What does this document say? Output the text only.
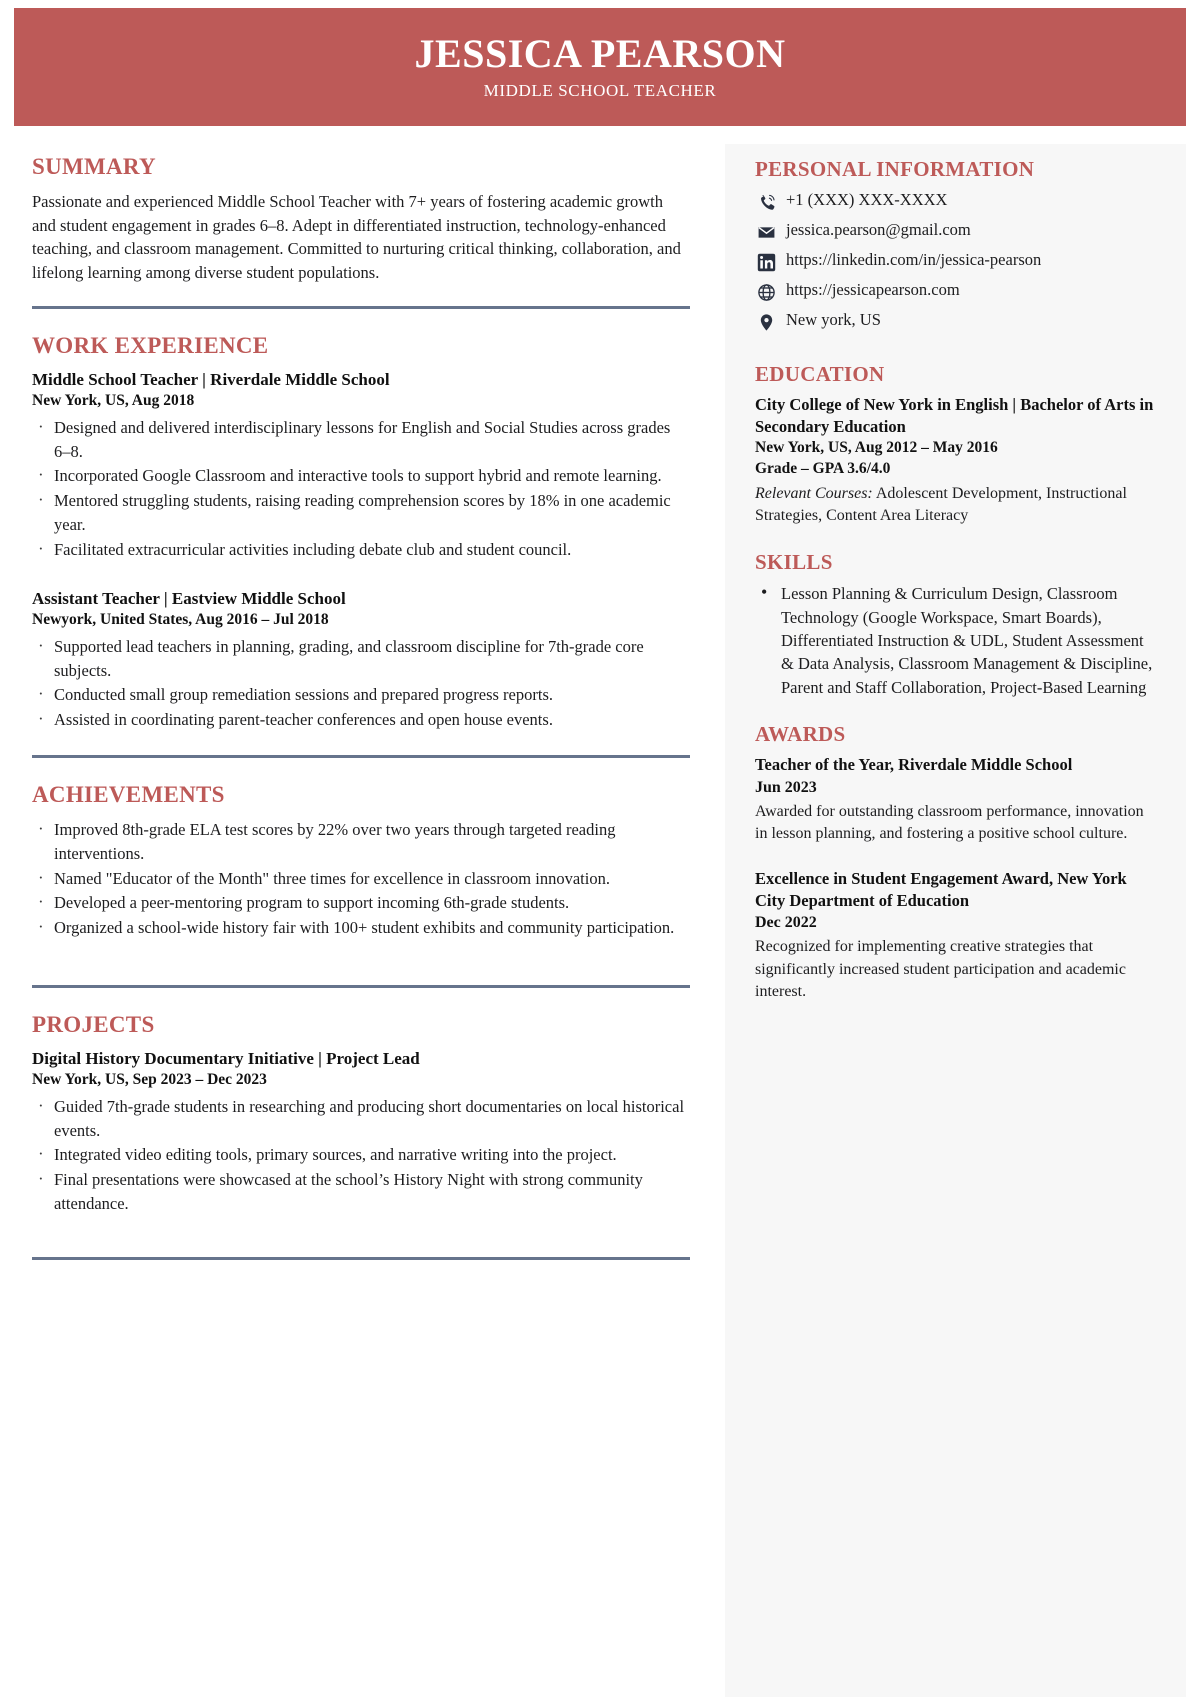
JESSICA PEARSON
MIDDLE SCHOOL TEACHER
SUMMARY

Passionate and experienced Middle School Teacher with 7+ years of fostering academic growth and student engagement in grades 6–8. Adept in differentiated instruction, technology-enhanced teaching, and classroom management. Committed to nurturing critical thinking, collaboration, and lifelong learning among diverse student populations.

WORK EXPERIENCE
Middle School Teacher | Riverdale Middle School
New York, US, Aug 2018
· Designed and delivered interdisciplinary lessons for English and Social Studies across grades 6–8.
· Incorporated Google Classroom and interactive tools to support hybrid and remote learning.
· Mentored struggling students, raising reading comprehension scores by 18% in one academic year.
· Facilitated extracurricular activities including debate club and student council.
Assistant Teacher | Eastview Middle School
Newyork, United States, Aug 2016 – Jul 2018
· Supported lead teachers in planning, grading, and classroom discipline for 7th-grade core subjects.
· Conducted small group remediation sessions and prepared progress reports.
· Assisted in coordinating parent-teacher conferences and open house events.
ACHIEVEMENTS
· Improved 8th-grade ELA test scores by 22% over two years through targeted reading interventions.
· Named "Educator of the Month" three times for excellence in classroom innovation.
· Developed a peer-mentoring program to support incoming 6th-grade students.
· Organized a school-wide history fair with 100+ student exhibits and community participation.
PROJECTS
Digital History Documentary Initiative | Project Lead
New York, US, Sep 2023 – Dec 2023
· Guided 7th-grade students in researching and producing short documentaries on local historical events.
· Integrated video editing tools, primary sources, and narrative writing into the project.
· Final presentations were showcased at the school’s History Night with strong community attendance.
PERSONAL INFORMATION
+1 (XXX) XXX-XXXX
jessica.pearson@gmail.com
https://linkedin.com/in/jessica-pearson
https://jessicapearson.com
New york, US
EDUCATION
City College of New York in English | Bachelor of Arts in Secondary Education
New York, US, Aug 2012 – May 2016
Grade – GPA 3.6/4.0

Relevant Courses: Adolescent Development, Instructional Strategies, Content Area Literacy

SKILLS
• Lesson Planning & Curriculum Design, Classroom Technology (Google Workspace, Smart Boards), Differentiated Instruction & UDL, Student Assessment & Data Analysis, Classroom Management & Discipline, Parent and Staff Collaboration, Project-Based Learning
AWARDS
Teacher of the Year, Riverdale Middle School
Jun 2023

Awarded for outstanding classroom performance, innovation in lesson planning, and fostering a positive school culture.

Excellence in Student Engagement Award, New York City Department of Education
Dec 2022

Recognized for implementing creative strategies that significantly increased student participation and academic interest.
